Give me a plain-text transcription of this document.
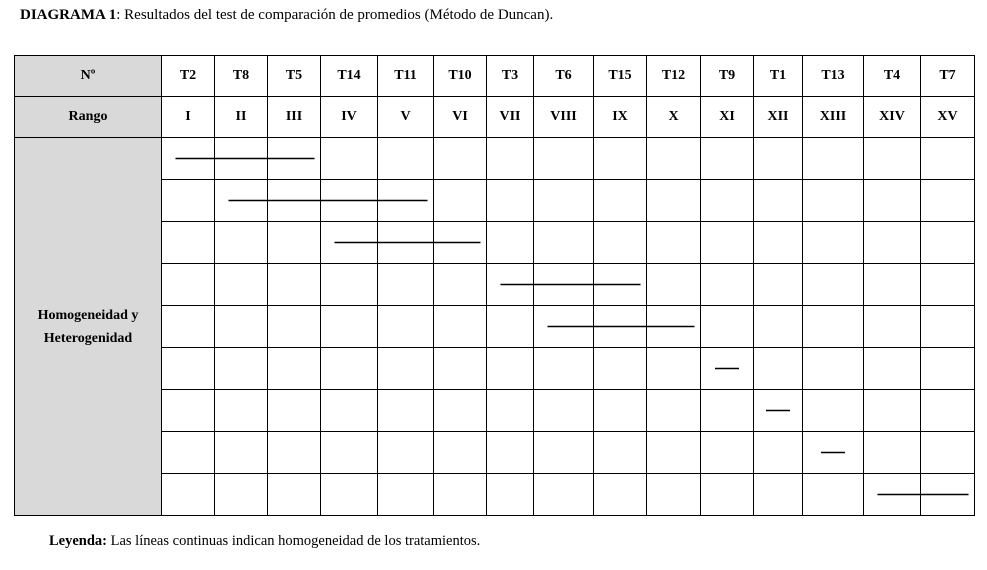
DIAGRAMA 1: Resultados del test de comparación de promedios (Método de Duncan).
Nº	T2	T8	T5	T14	T11	T10	T3	T6	T15	T12	T9	T1	T13	T4	T7
Rango	I	II	III	IV	V	VI	VII	VIII	IX	X	XI	XII	XIII	XIV	XV
Homogeneidad y
Heterogenidad															

Leyenda: Las líneas continuas indican homogeneidad de los tratamientos.
